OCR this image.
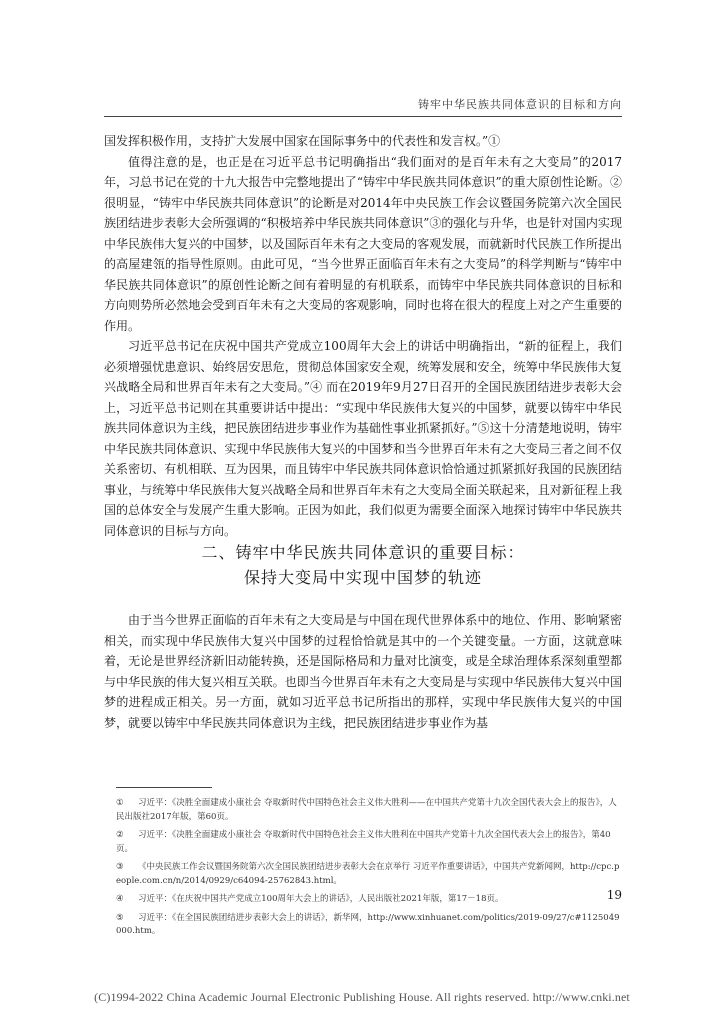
铸牢中华民族共同体意识的目标和方向

国发挥积极作用，支持扩大发展中国家在国际事务中的代表性和发言权。”①

值得注意的是，也正是在习近平总书记明确指出“我们面对的是百年未有之大变局”的2017年，习总书记在党的十九大报告中完整地提出了“铸牢中华民族共同体意识”的重大原创性论断。② 很明显，“铸牢中华民族共同体意识”的论断是对2014年中央民族工作会议暨国务院第六次全国民族团结进步表彰大会所强调的“积极培养中华民族共同体意识”③的强化与升华，也是针对国内实现中华民族伟大复兴的中国梦，以及国际百年未有之大变局的客观发展，而就新时代民族工作所提出的高屋建瓴的指导性原则。由此可见，“当今世界正面临百年未有之大变局”的科学判断与“铸牢中华民族共同体意识”的原创性论断之间有着明显的有机联系，而铸牢中华民族共同体意识的目标和方向则势所必然地会受到百年未有之大变局的客观影响，同时也将在很大的程度上对之产生重要的作用。

习近平总书记在庆祝中国共产党成立100周年大会上的讲话中明确指出，“新的征程上，我们必须增强忧患意识、始终居安思危，贯彻总体国家安全观，统筹发展和安全，统筹中华民族伟大复兴战略全局和世界百年未有之大变局。”④ 而在2019年9月27日召开的全国民族团结进步表彰大会上，习近平总书记则在其重要讲话中提出：“实现中华民族伟大复兴的中国梦，就要以铸牢中华民族共同体意识为主线，把民族团结进步事业作为基础性事业抓紧抓好。”⑤这十分清楚地说明，铸牢中华民族共同体意识、实现中华民族伟大复兴的中国梦和当今世界百年未有之大变局三者之间不仅关系密切、有机相联、互为因果，而且铸牢中华民族共同体意识恰恰通过抓紧抓好我国的民族团结事业，与统筹中华民族伟大复兴战略全局和世界百年未有之大变局全面关联起来，且对新征程上我国的总体安全与发展产生重大影响。正因为如此，我们似更为需要全面深入地探讨铸牢中华民族共同体意识的目标与方向。

二、铸牢中华民族共同体意识的重要目标：
保持大变局中实现中国梦的轨迹

由于当今世界正面临的百年未有之大变局是与中国在现代世界体系中的地位、作用、影响紧密相关，而实现中华民族伟大复兴中国梦的过程恰恰就是其中的一个关键变量。一方面，这就意味着，无论是世界经济新旧动能转换，还是国际格局和力量对比演变，或是全球治理体系深刻重塑都与中华民族的伟大复兴相互关联。也即当今世界百年未有之大变局是与实现中华民族伟大复兴中国梦的进程成正相关。另一方面，就如习近平总书记所指出的那样，实现中华民族伟大复兴的中国梦，就要以铸牢中华民族共同体意识为主线，把民族团结进步事业作为基

① 习近平：《决胜全面建成小康社会 夺取新时代中国特色社会主义伟大胜利——在中国共产党第十九次全国代表大会上的报告》，人民出版社2017年版，第60页。

② 习近平：《决胜全面建成小康社会 夺取新时代中国特色社会主义伟大胜利在中国共产党第十九次全国代表大会上的报告》，第40页。

③ 《中央民族工作会议暨国务院第六次全国民族团结进步表彰大会在京举行 习近平作重要讲话》，中国共产党新闻网，http://cpc.people.com.cn/n/2014/0929/c64094-25762843.html。

④ 习近平：《在庆祝中国共产党成立100周年大会上的讲话》，人民出版社2021年版，第17－18页。

⑤ 习近平：《在全国民族团结进步表彰大会上的讲话》，新华网，http://www.xinhuanet.com/politics/2019-09/27/c#1125049000.htm。

19
(C)1994-2022 China Academic Journal Electronic Publishing House. All rights reserved. http://www.cnki.net
